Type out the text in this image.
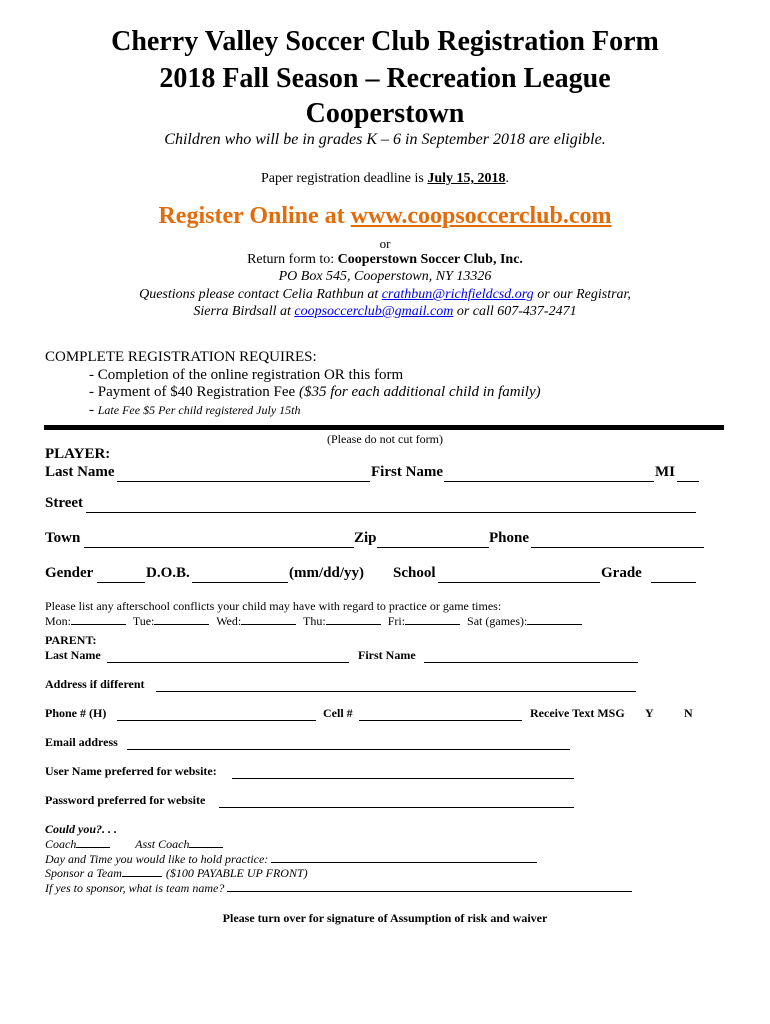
Cherry Valley Soccer Club Registration Form
2018 Fall Season – Recreation League
Cooperstown
Children who will be in grades K – 6 in September 2018 are eligible.
Paper registration deadline is July 15, 2018.
Register Online at www.coopsoccerclub.com
or
Return form to: Cooperstown Soccer Club, Inc.
PO Box 545, Cooperstown, NY 13326
Questions please contact Celia Rathbun at crathbun@richfieldcsd.org or our Registrar,
Sierra Birdsall at coopsoccerclub@gmail.com or call 607-437-2471
COMPLETE REGISTRATION REQUIRES:
- Completion of the online registration OR this form
- Payment of $40 Registration Fee ($35 for each additional child in family)
- Late Fee $5 Per child registered July 15th
(Please do not cut form)
PLAYER:
Last Name	First Name	MI
Street
Town	Zip	Phone
Gender	D.O.B.	(mm/dd/yy) School	Grade
Please list any afterschool conflicts your child may have with regard to practice or game times:
Mon:	Tue:	Wed:	Thu:	Fri:	Sat (games):
PARENT:
Last Name	First Name
Address if different
Phone # (H)	Cell #	Receive Text MSG Y	N
Email address
User Name preferred for website:
Password preferred for website
Could you?. . .
Coach	Asst Coach
Day and Time you would like to hold practice:
Sponsor a Team	($100 PAYABLE UP FRONT)
If yes to sponsor, what is team name?
Please turn over for signature of Assumption of risk and waiver
